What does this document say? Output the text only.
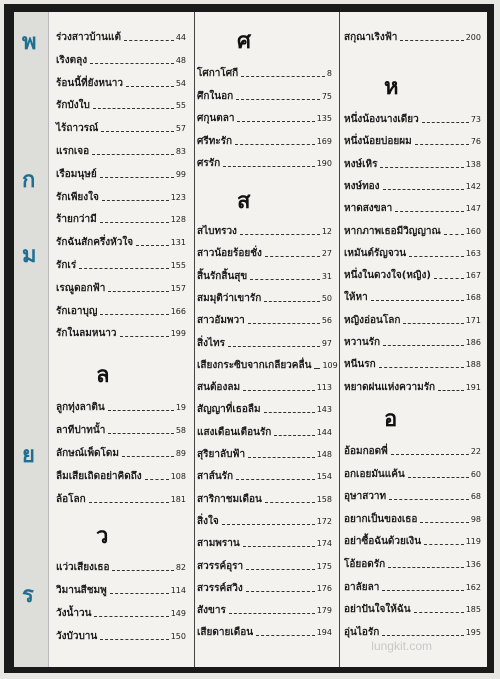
พ
ก
ม
ย
ร
ร่วงสาวบ้านแต้	44
เริงตลุง	48
ร้อนนี้ที่ยังหนาว	54
รักบังใบ	55
ไร้ถาวรณ์	57
แรกเจอ	83
เรือมนุษย์	99
รักเพียงใจ	123
ร้ายกว่ามี	128
รักฉันสักครึ่งหัวใจ	131
รักเร่	155
เรณูดอกฟ้า	157
รักเอาบุญ	166
รักในลมหนาว	199
ล
ลูกทุ่งลาติน	19
ลาทีปาทนั้า	58
ลักษณ์เพ็ดโดม	89
ลืมเสียเถิดอย่าคิดถึง	108
ล้อโลก	181
ว
แว่วเสียงเธอ	82
วิมานสีชมพู	114
วังน้ำวน	149
วังบัวบาน	150
ศ
โศกาโศกี	8
ศึกในอก	75
ศกุนตลา	135
ศรีทะรัก	169
ศรรัก	190
ส
สไบทรวง	12
สาวน้อยร้อยชั่ง	27
สิ้นรักสิ้นสุข	31
สมมุติว่าเขารัก	50
สาวอัมพวา	56
สิ่งไทร	97
เสียงกระซิบจากเกลียวคลื่น 109
สนต้องลม	113
สัญญาที่เธอลืม	143
แสงเดือนเตือนรัก	144
สุริยาลับฟ้า	148
สาส์นรัก	154
สาริกาชมเดือน	158
สิ่งใจ	172
สามพราน	174
สวรรค์อุรา	175
สวรรค์สวิง	176
สังขาร	179
เสียดายเดือน	194
สกุณาเริงฟ้า	200
ห
หนึ่งน้องนางเดียว	73
หนึ่งน้อยบ่อยผม	76
หงษ์เหิร	138
หงษ์ทอง	142
หาดสงขลา	147
หากภาพเธอมีวิญญาณ	160
เหมันต์รัญจวน	163
หนึ่งในดวงใจ(หญิง)	167
ให้หา	168
หญิงอ่อนโลก	171
หวานรัก	186
หนีนรก	188
หยาดฝนแห่งความรัก	191
อ
อ้อมกอดพี่	22
อกเอยมันแค้น	60
อุษาสวาท	68
อยากเป็นของเธอ	98
อย่าซื้อฉันด้วยเงิน	119
โอ้ยอดรัก	136
อาลัยลา	162
อย่าปันใจให้ฉัน	185
อุ่นไอรัก	195
lungkit.com
